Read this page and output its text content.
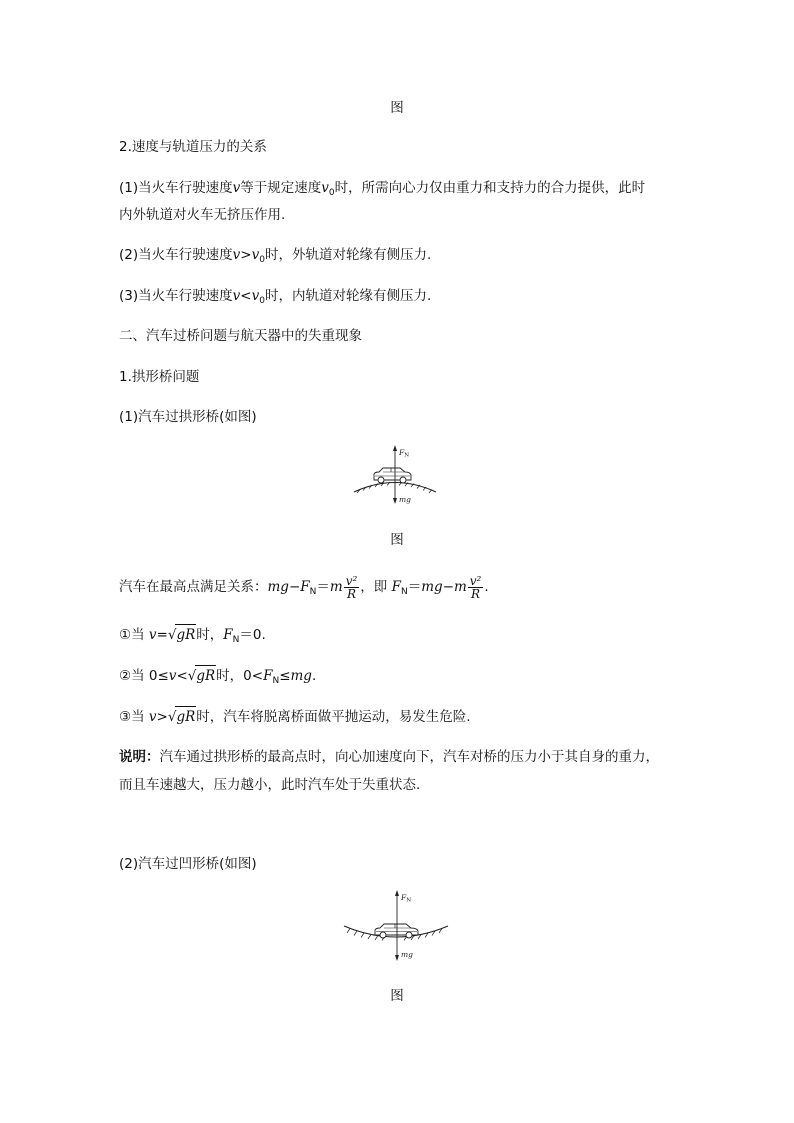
图
2.速度与轨道压力的关系
(1)当火车行驶速度v等于规定速度$v_0$时，所需向心力仅由重力和支持力的合力提供，此时
内外轨道对火车无挤压作用.
(2)当火车行驶速度$v>v_0$时，外轨道对轮缘有侧压力.
(3)当火车行驶速度$v<v_0$时，内轨道对轮缘有侧压力.
二、汽车过桥问题与航天器中的失重现象
1.拱形桥问题
(1)汽车过拱形桥(如图)
$F_N$
mg
图
汽车在最高点满足关系：$mg-F_N=m \frac{\text{v²}}{R}$ ，即 $F_N=mg-m \frac{\text{v²}}{R}$ .
①当 v=√gR时，$F_N=0$.
②当 0≤v<√gR时，$0<F_N\le mg$.
③当 v>√gR时，汽车将脱离桥面做平抛运动，易发生危险.
说明：汽车通过拱形桥的最高点时，向心加速度向下，汽车对桥的压力小于其自身的重力，
而且车速越大，压力越小，此时汽车处于失重状态.
(2)汽车过凹形桥(如图)
$F_N$
mg
图
